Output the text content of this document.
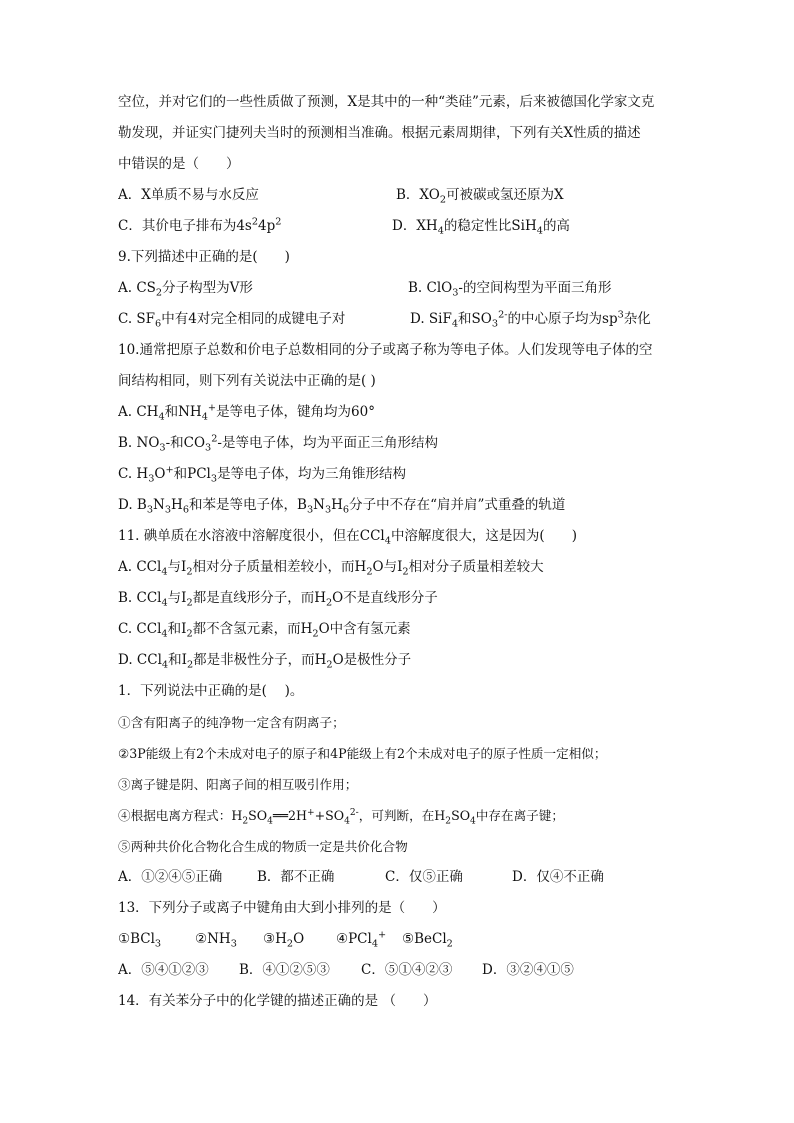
空位，并对它们的一些性质做了预测，X是其中的一种“类硅”元素，后来被德国化学家文克
勒发现，并证实门捷列夫当时的预测相当准确。根据元素周期律，下列有关X性质的描述
中错误的是（　　）
A．X单质不易与水反应	B．$XO_2$可被碳或氢还原为X
C．其价电子排布为$4s^24p^2$	D．$XH_4$的稳定性比SiH$_4$的高
9.下列描述中正确的是(　　)
A. $CS_2$分子构型为V形	B. ClO$_3$-的空间构型为平面三角形
C. $SF_6$中有4对完全相同的成键电子对	D. SiF$_4$和$SO_3^{2-}$的中心原子均为$sp^3$杂化
10.通常把原子总数和价电子总数相同的分子或离子称为等电子体。人们发现等电子体的空
间结构相同，则下列有关说法中正确的是( )
A. $CH_4$和$NH_4^+$是等电子体，键角均为60°
B. $NO_3-$和$CO_3^2-$是等电子体，均为平面正三角形结构
C. $H_3O^+$和PCl$_3$是等电子体，均为三角锥形结构
D. $B_3N_3H_6$和苯是等电子体，$B_3N_3H_6$分子中不存在“肩并肩”式重叠的轨道
11. 碘单质在水溶液中溶解度很小，但在CCl$_4$中溶解度很大，这是因为(　　)
A. CCl$_4$与$I_2$相对分子质量相差较小，而$H_2O$与$I_2$相对分子质量相差较大
B. CCl$_4$与$I_2$都是直线形分子，而$H_2O$不是直线形分子
C. CCl$_4$和$I_2$都不含氢元素，而$H_2O$中含有氢元素
D. CCl$_4$和$I_2$都是非极性分子，而$H_2O$是极性分子
1．下列说法中正确的是(　 )。
①含有阳离子的纯净物一定含有阴离子；
②3P能级上有2个未成对电子的原子和4P能级上有2个未成对电子的原子性质一定相似；
③离子键是阴、阳离子间的相互吸引作用；
④根据电离方程式：$H_2SO_4══2H^++SO_4^{2-}$，可判断，在$H_2SO_4$中存在离子键；
⑤两种共价化合物化合生成的物质一定是共价化合物
A．①②④⑤正确	B．都不正确	C．仅⑤正确	D．仅④不正确
13．下列分子或离子中键角由大到小排列的是（　　）
①BCl$_3$	$②NH_3$	$③H_2O$	④PCl$_4$+	⑤BeCl$_2$
A．⑤④①②③	B．④①②⑤③	C．⑤①④②③	D．③②④①⑤
14．有关苯分子中的化学键的描述正确的是 （　　）
